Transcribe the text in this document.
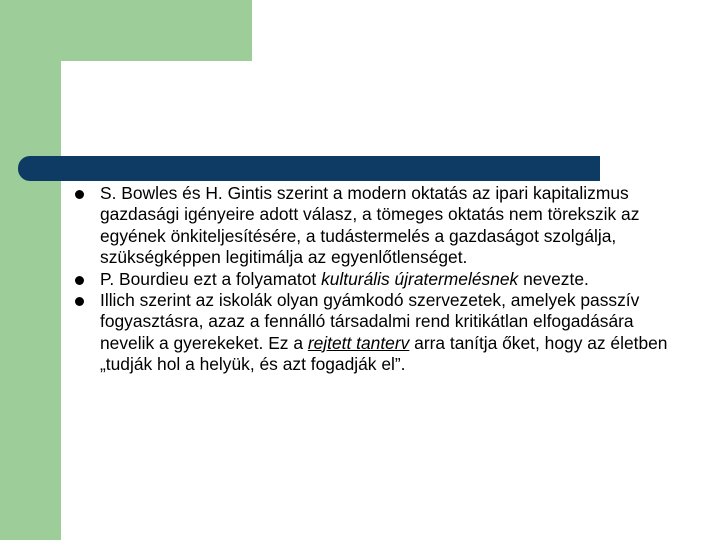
S. Bowles és H. Gintis szerint a modern oktatás az ipari kapitalizmus gazdasági igényeire adott válasz, a tömeges oktatás nem törekszik az egyének önkiteljesítésére, a tudástermelés a gazdaságot szolgálja, szükségképpen legitimálja az egyenlőtlenséget.

P. Bourdieu ezt a folyamatot kulturális újratermelésnek nevezte.

Illich szerint az iskolák olyan gyámkodó szervezetek, amelyek passzív fogyasztásra, azaz a fennálló társadalmi rend kritikátlan elfogadására nevelik a gyerekeket. Ez a rejtett tanterv arra tanítja őket, hogy az életben „tudják hol a helyük, és azt fogadják el”.
